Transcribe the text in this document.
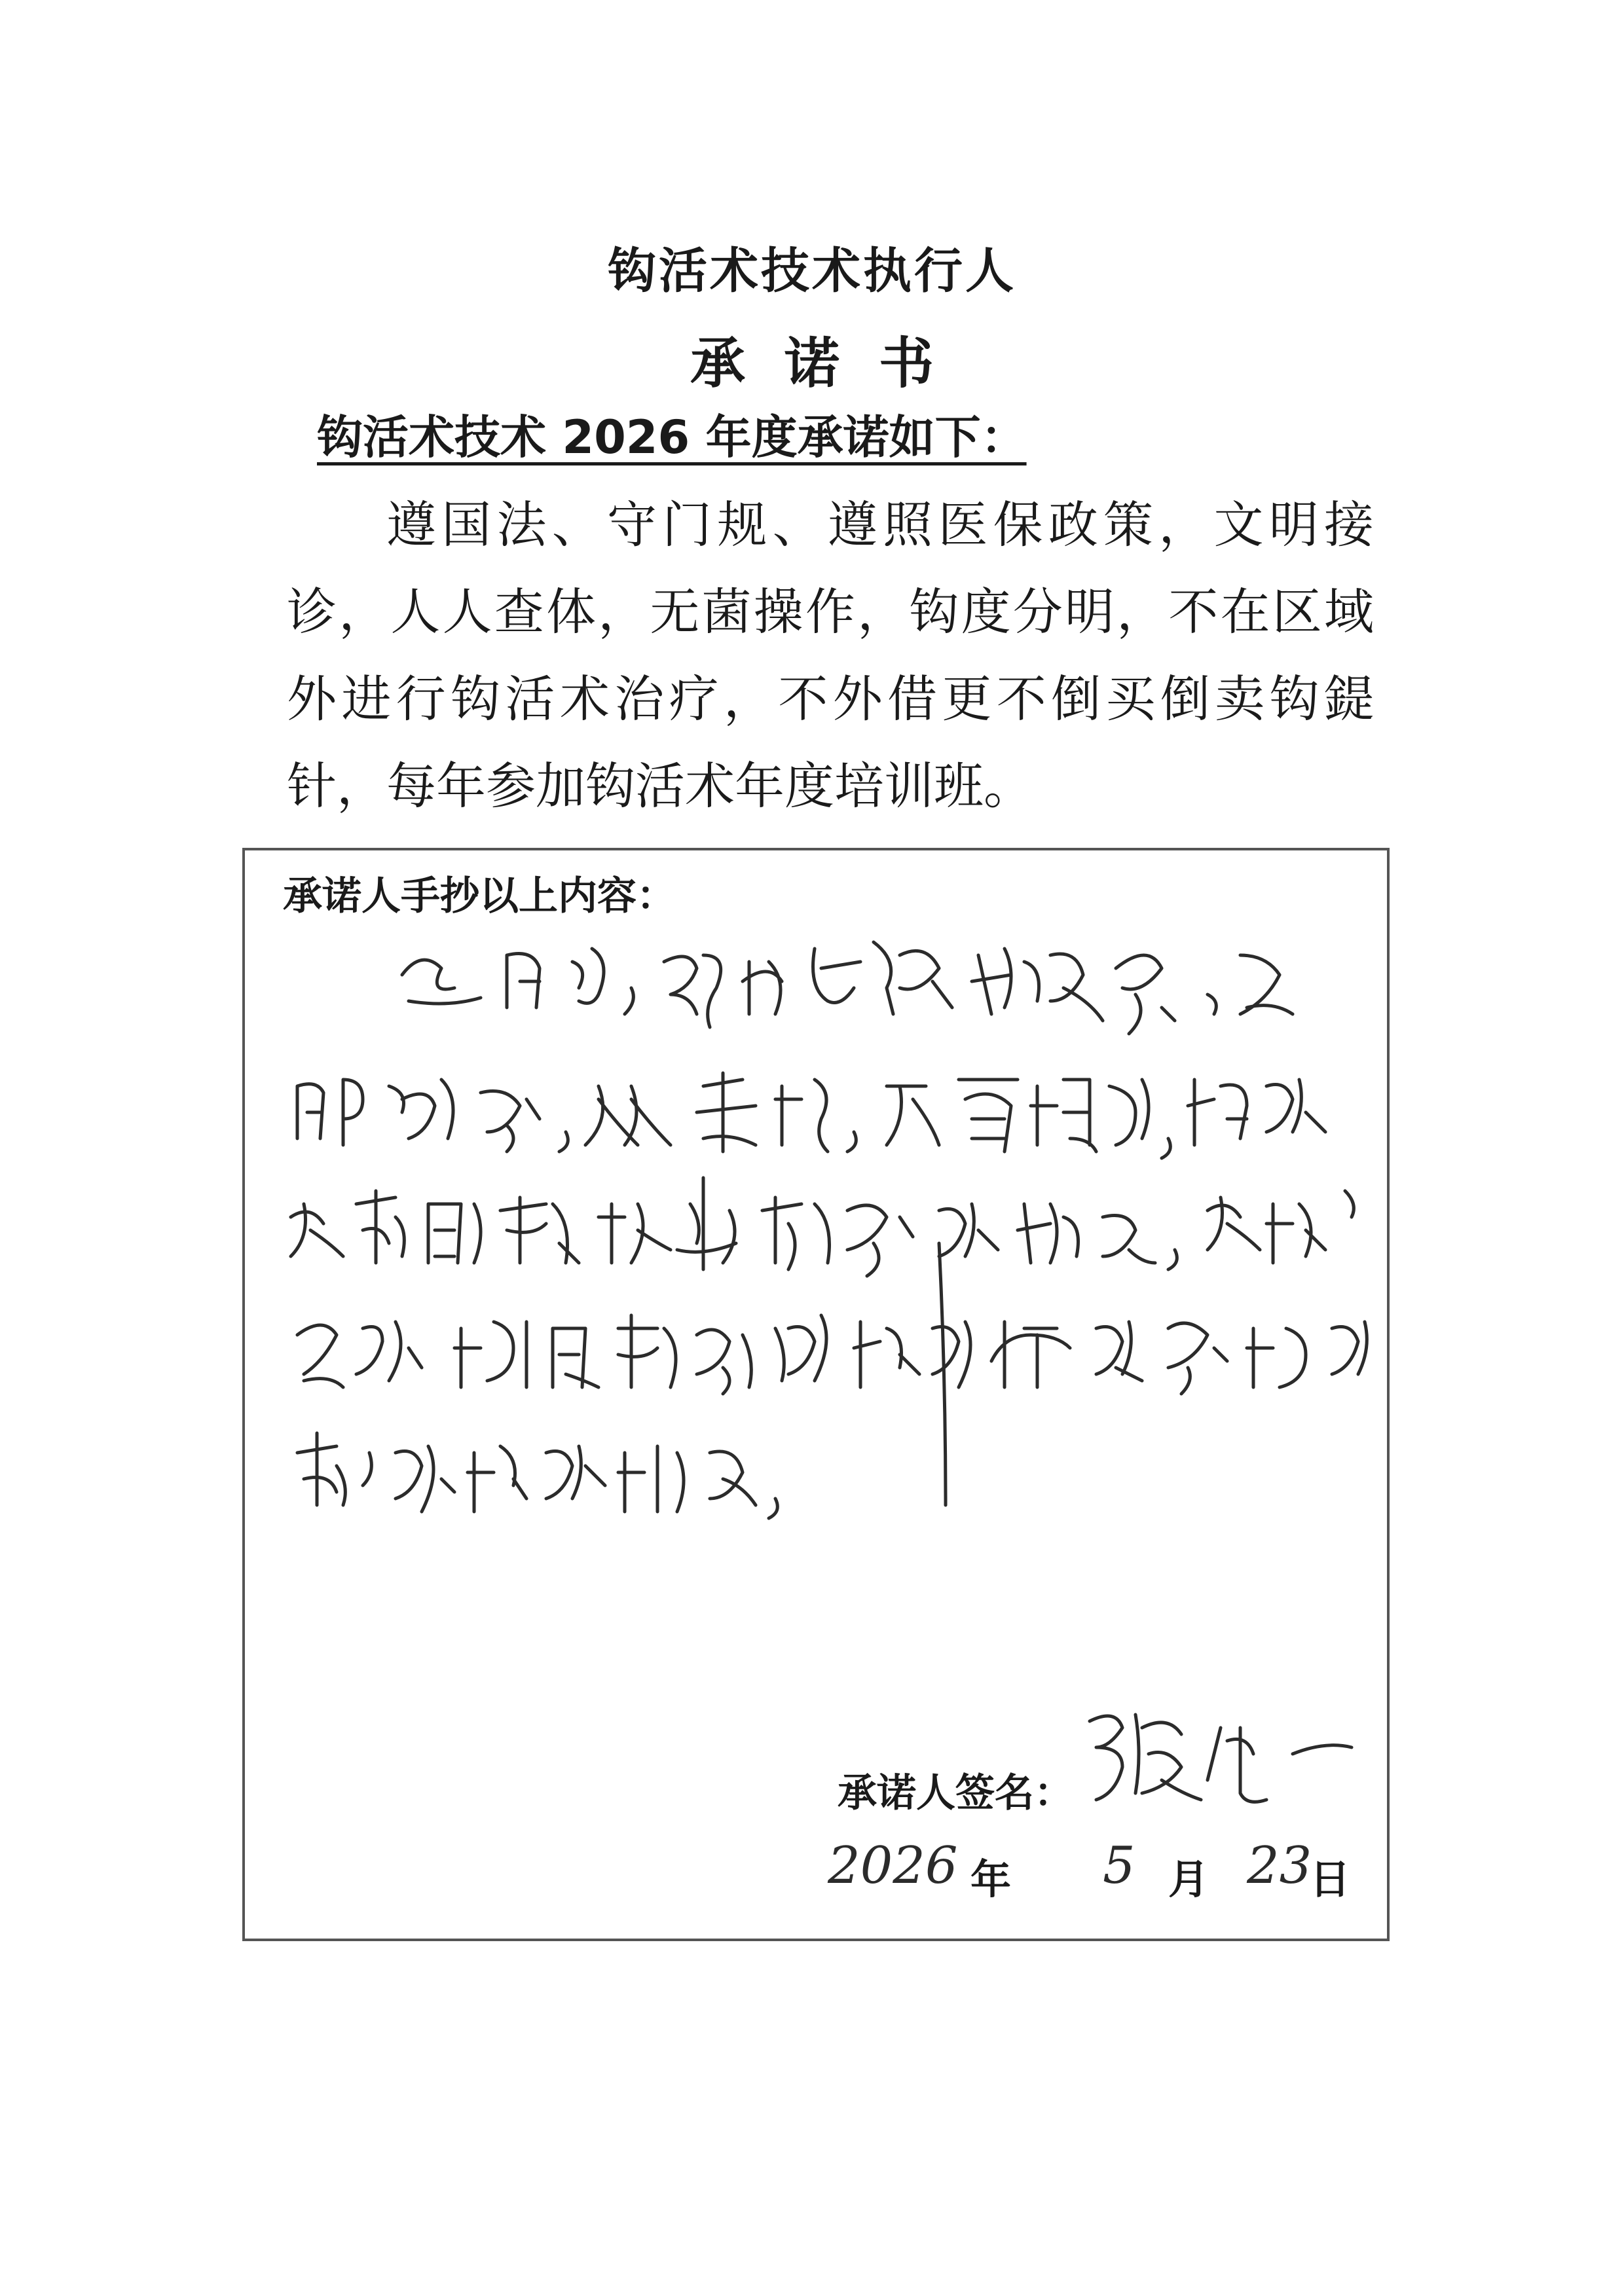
钩活术技术执行人
承诺书
钩活术技术 2026 年度承诺如下：
遵国法、守门规、遵照医保政策，文明接诊，人人查体，无菌操作，钩度分明，不在区域外进行钩活术治疗，不外借更不倒买倒卖钩鍉针，每年参加钩活术年度培训班。
承诺人手抄以上内容：
承诺人签名：
2026 年 5 月 23
日
